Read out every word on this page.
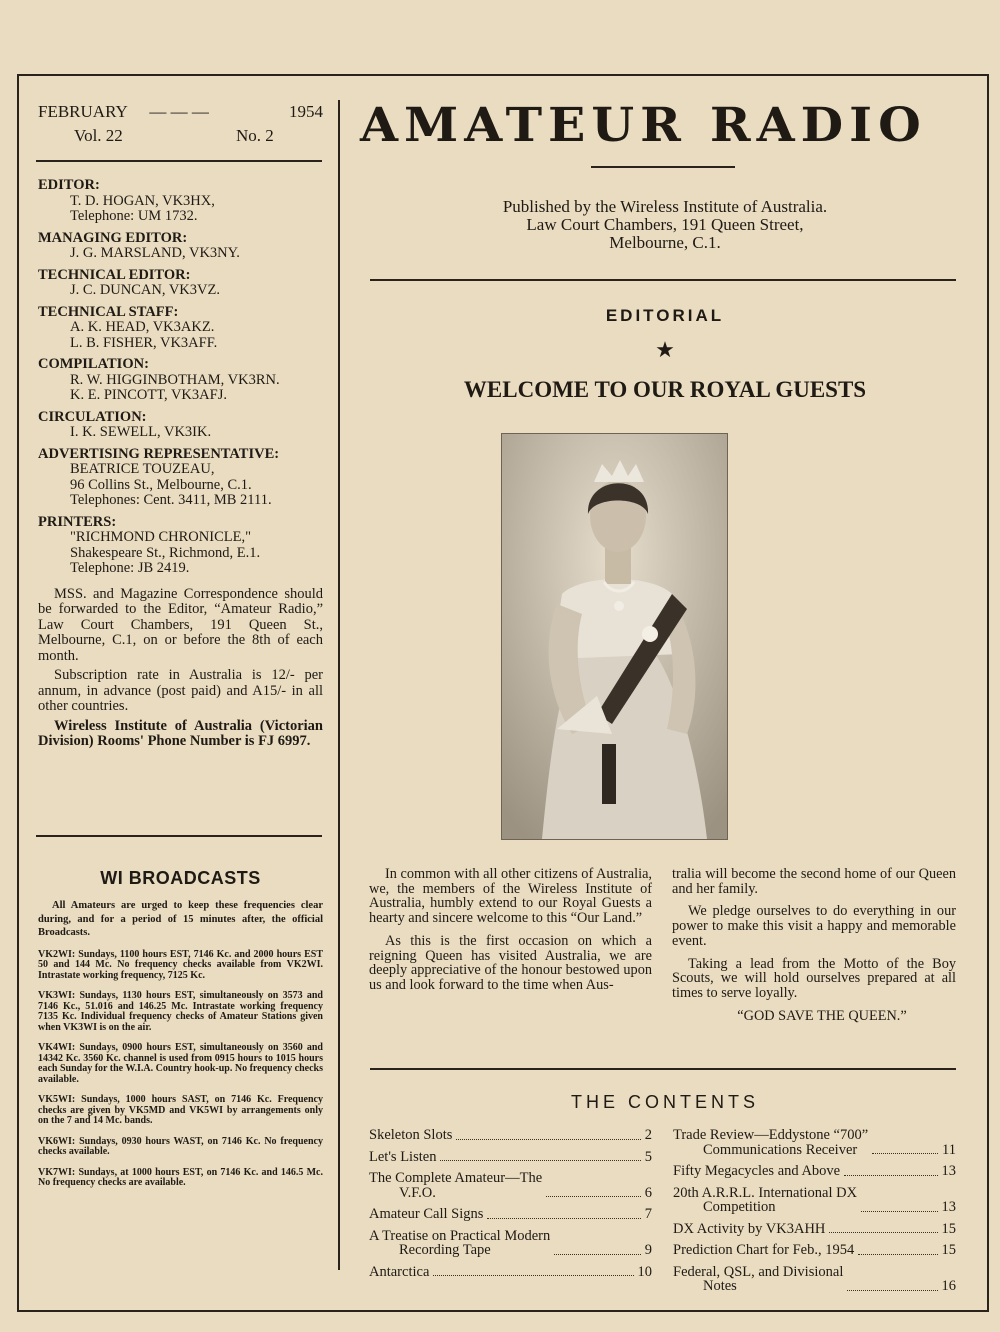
FEBRUARY — — —	1954
Vol. 22	No. 2
EDITOR:
T. D. HOGAN, VK3HX,
Telephone: UM 1732.
MANAGING EDITOR:
J. G. MARSLAND, VK3NY.
TECHNICAL EDITOR:
J. C. DUNCAN, VK3VZ.
TECHNICAL STAFF:
A. K. HEAD, VK3AKZ.
L. B. FISHER, VK3AFF.
COMPILATION:
R. W. HIGGINBOTHAM, VK3RN.
K. E. PINCOTT, VK3AFJ.
CIRCULATION:
I. K. SEWELL, VK3IK.
ADVERTISING REPRESENTATIVE:
BEATRICE TOUZEAU,
96 Collins St., Melbourne, C.1.
Telephones: Cent. 3411, MB 2111.
PRINTERS:
"RICHMOND CHRONICLE,"
Shakespeare St., Richmond, E.1.
Telephone: JB 2419.
MSS. and Magazine Correspondence should be forwarded to the Editor, “Amateur Radio,” Law Court Chambers, 191 Queen St., Melbourne, C.1, on or before the 8th of each month.
Subscription rate in Australia is 12/- per annum, in advance (post paid) and A15/- in all other countries.
Wireless Institute of Australia (Victorian Division) Rooms' Phone Number is FJ 6997.
WI BROADCASTS
All Amateurs are urged to keep these frequencies clear during, and for a period of 15 minutes after, the official Broadcasts.
VK2WI: Sundays, 1100 hours EST, 7146 Kc. and 2000 hours EST 50 and 144 Mc. No frequency checks available from VK2WI. Intrastate working frequency, 7125 Kc.
VK3WI: Sundays, 1130 hours EST, simultaneously on 3573 and 7146 Kc., 51.016 and 146.25 Mc. Intrastate working frequency 7135 Kc. Individual frequency checks of Amateur Stations given when VK3WI is on the air.
VK4WI: Sundays, 0900 hours EST, simultaneously on 3560 and 14342 Kc. 3560 Kc. channel is used from 0915 hours to 1015 hours each Sunday for the W.I.A. Country hook-up. No frequency checks available.
VK5WI: Sundays, 1000 hours SAST, on 7146 Kc. Frequency checks are given by VK5MD and VK5WI by arrangements only on the 7 and 14 Mc. bands.
VK6WI: Sundays, 0930 hours WAST, on 7146 Kc. No frequency checks available.
VK7WI: Sundays, at 1000 hours EST, on 7146 Kc. and 146.5 Mc. No frequency checks are available.
AMATEUR RADIO
Published by the Wireless Institute of Australia.
Law Court Chambers, 191 Queen Street,
Melbourne, C.1.
EDITORIAL
★
WELCOME TO OUR ROYAL GUESTS

In common with all other citizens of Australia, we, the members of the Wireless Institute of Australia, humbly extend to our Royal Guests a hearty and sincere welcome to this “Our Land.”

As this is the first occasion on which a reigning Queen has visited Australia, we are deeply appreciative of the honour bestowed upon us and look forward to the time when Aus-

tralia will become the second home of our Queen and her family.

We pledge ourselves to do everything in our power to make this visit a happy and memorable event.

Taking a lead from the Motto of the Boy Scouts, we will hold ourselves prepared at all times to serve loyally.

“GOD SAVE THE QUEEN.”

THE CONTENTS
Skeleton Slots	2
Let's Listen	5
The Complete Amateur—The
V.F.O.	6
Amateur Call Signs	7
A Treatise on Practical Modern
Recording Tape	9
Antarctica	10
Trade Review—Eddystone “700”
Communications Receiver	11
Fifty Megacycles and Above	13
20th A.R.R.L. International DX
Competition	13
DX Activity by VK3AHH	15
Prediction Chart for Feb., 1954	15
Federal, QSL, and Divisional
Notes	16
